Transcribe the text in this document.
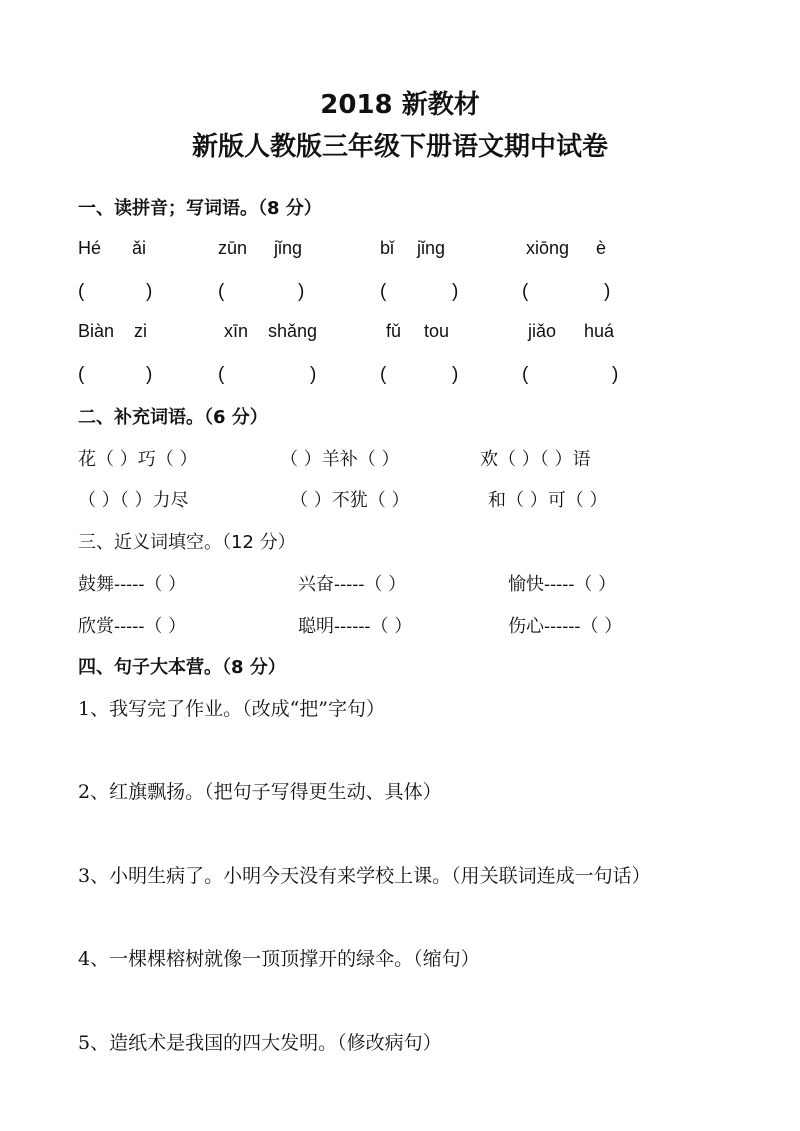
2018 新教材
新版人教版三年级下册语文期中试卷
一、读拼音；写词语。（8 分）
Hé ǎi	zūn jǐng	bǐ jǐng	xiōng è
(	)	(	)	(	)	(	)
Biàn zi	xīn shǎng	fǔ tou	jiǎo huá
(	)	(	)	(	)	(	)
二、补充词语。（6 分）
花（ ）巧（ ）	（ ）羊补（ ）	欢（ ）（ ）语
（ ）（ ）力尽	（ ）不犹（ ）	和（ ）可（ ）
三、近义词填空。（12 分）
鼓舞-----（ ）	兴奋-----（ ）	愉快-----（ ）
欣赏-----（ ）	聪明------（ ）	伤心------（ ）
四、句子大本营。（8 分）
1、我写完了作业。（改成“把”字句）
2、红旗飘扬。（把句子写得更生动、具体）
3、小明生病了。小明今天没有来学校上课。（用关联词连成一句话）
4、一棵棵榕树就像一顶顶撑开的绿伞。（缩句）
5、造纸术是我国的四大发明。（修改病句）
